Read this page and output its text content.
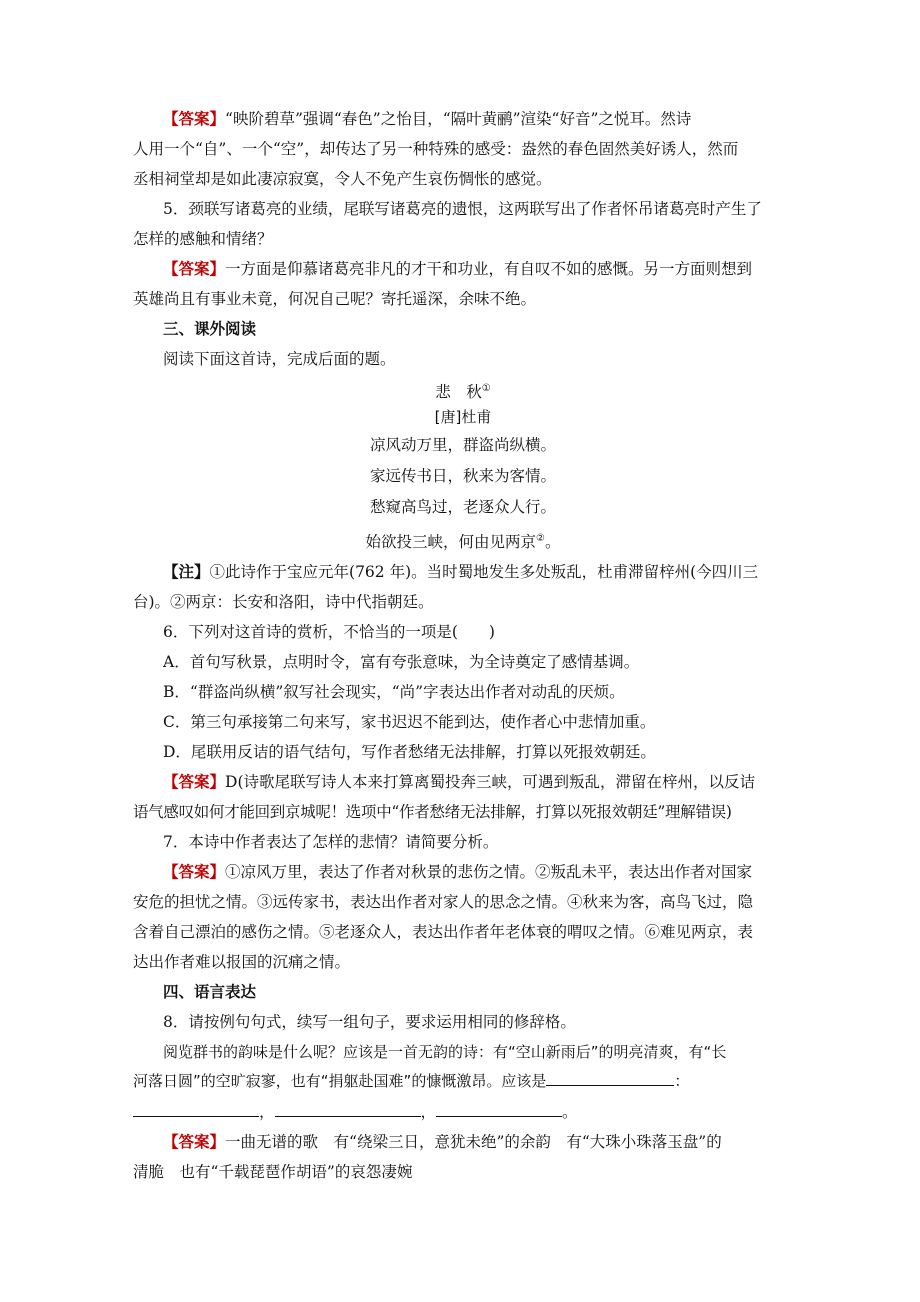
【答案】“映阶碧草”强调“春色”之怡目，“隔叶黄鹂”渲染“好音”之悦耳。然诗
人用一个“自”、一个“空”，却传达了另一种特殊的感受：盎然的春色固然美好诱人，然而
丞相祠堂却是如此凄凉寂寞，令人不免产生哀伤惆怅的感觉。
5．颈联写诸葛亮的业绩，尾联写诸葛亮的遗恨，这两联写出了作者怀吊诸葛亮时产生了
怎样的感触和情绪？
【答案】一方面是仰慕诸葛亮非凡的才干和功业，有自叹不如的感慨。另一方面则想到
英雄尚且有事业未竟，何况自己呢？寄托遥深，余味不绝。
三、课外阅读
阅读下面这首诗，完成后面的题。
悲　秋①
[唐]杜甫
凉风动万里，群盗尚纵横。
家远传书日，秋来为客情。
愁窥高鸟过，老逐众人行。
始欲投三峡，何由见两京②。
【注】①此诗作于宝应元年(762 年)。当时蜀地发生多处叛乱，杜甫滞留梓州(今四川三
台)。②两京：长安和洛阳，诗中代指朝廷。
6．下列对这首诗的赏析，不恰当的一项是(　　)
A．首句写秋景，点明时令，富有夸张意味，为全诗奠定了感情基调。
B．“群盗尚纵横”叙写社会现实，“尚”字表达出作者对动乱的厌烦。
C．第三句承接第二句来写，家书迟迟不能到达，使作者心中悲情加重。
D．尾联用反诘的语气结句，写作者愁绪无法排解，打算以死报效朝廷。
【答案】D(诗歌尾联写诗人本来打算离蜀投奔三峡，可遇到叛乱，滞留在梓州，以反诘
语气感叹如何才能回到京城呢！选项中“作者愁绪无法排解，打算以死报效朝廷”理解错误)
7．本诗中作者表达了怎样的悲情？请简要分析。
【答案】①凉风万里，表达了作者对秋景的悲伤之情。②叛乱未平，表达出作者对国家
安危的担忧之情。③远传家书，表达出作者对家人的思念之情。④秋来为客，高鸟飞过，隐
含着自己漂泊的感伤之情。⑤老逐众人，表达出作者年老体衰的喟叹之情。⑥难见两京，表
达出作者难以报国的沉痛之情。
四、语言表达
8．请按例句句式，续写一组句子，要求运用相同的修辞格。
阅览群书的韵味是什么呢？应该是一首无韵的诗：有“空山新雨后”的明亮清爽，有“长
河落日圆”的空旷寂寥，也有“捐躯赴国难”的慷慨激昂。应该是	：
，	，	。
【答案】一曲无谱的歌　有“绕梁三日，意犹未绝”的余韵　有“大珠小珠落玉盘”的
清脆　也有“千载琵琶作胡语”的哀怨凄婉
